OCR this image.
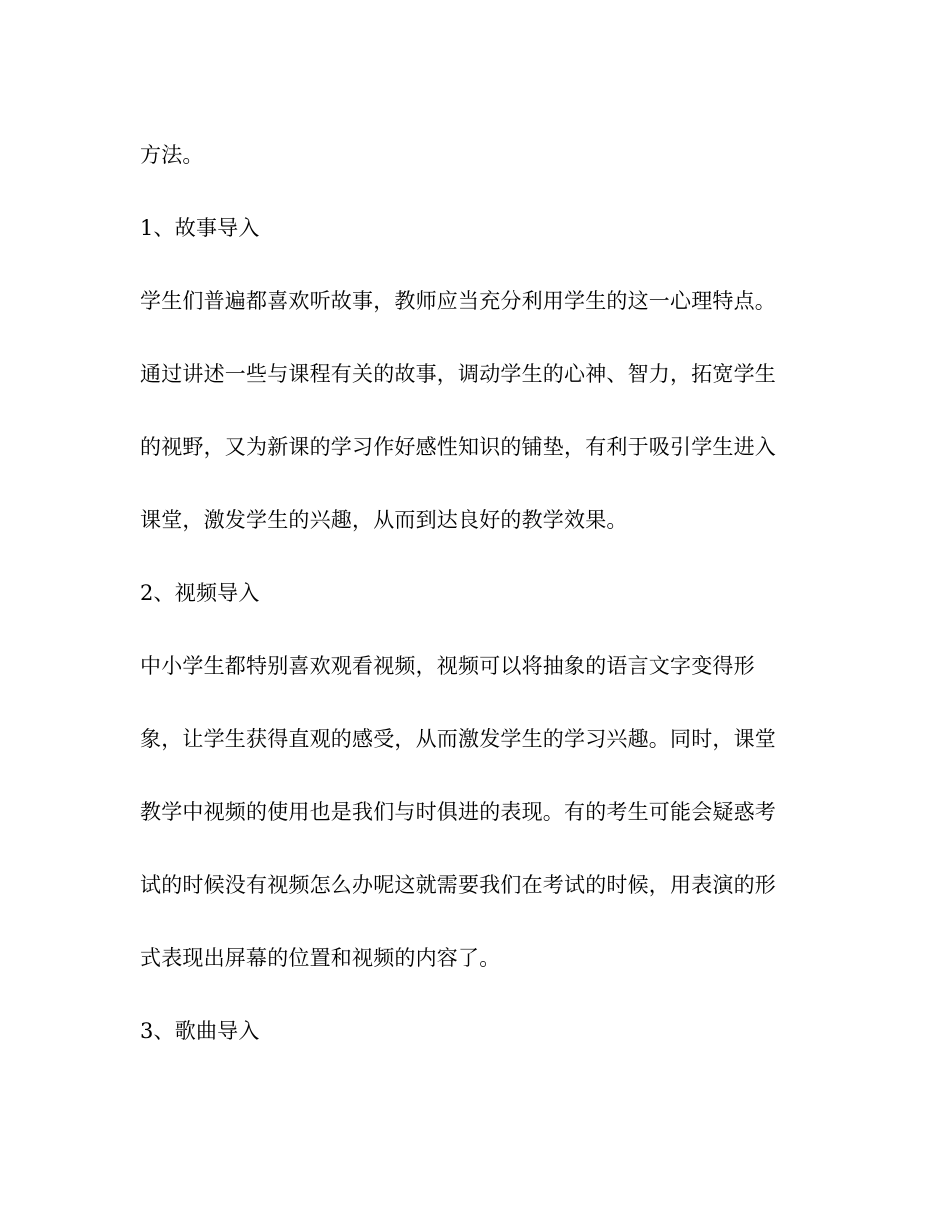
方法。

1、故事导入

学生们普遍都喜欢听故事，教师应当充分利用学生的这一心理特点。

通过讲述一些与课程有关的故事，调动学生的心神、智力，拓宽学生

的视野，又为新课的学习作好感性知识的铺垫，有利于吸引学生进入

课堂，激发学生的兴趣，从而到达良好的教学效果。

2、视频导入

中小学生都特别喜欢观看视频，视频可以将抽象的语言文字变得形

象，让学生获得直观的感受，从而激发学生的学习兴趣。同时，课堂

教学中视频的使用也是我们与时俱进的表现。有的考生可能会疑惑考

试的时候没有视频怎么办呢这就需要我们在考试的时候，用表演的形

式表现出屏幕的位置和视频的内容了。

3、歌曲导入
